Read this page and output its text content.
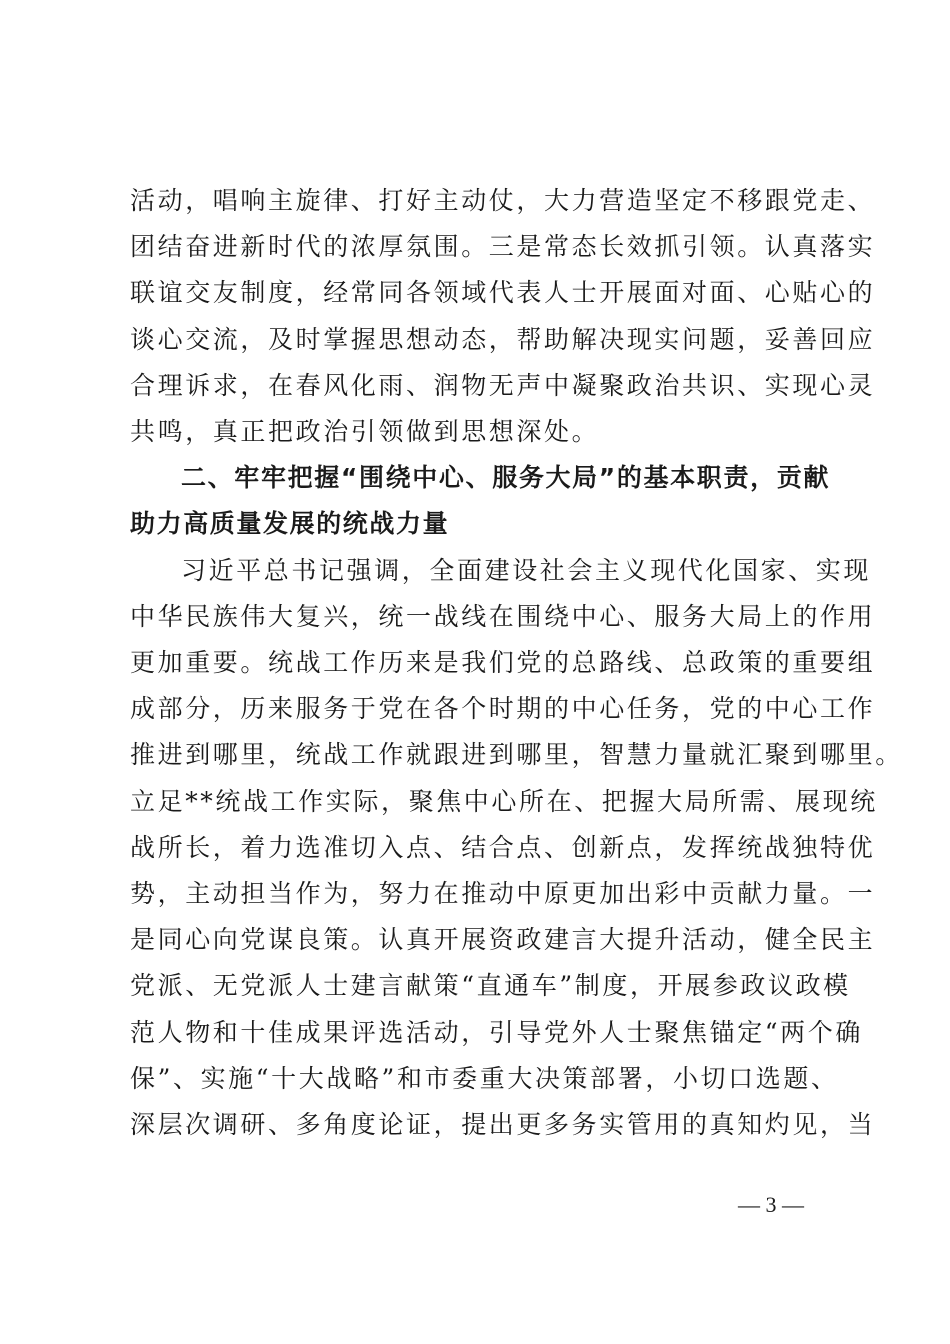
活动，唱响主旋律、打好主动仗，大力营造坚定不移跟党走、
团结奋进新时代的浓厚氛围。三是常态长效抓引领。认真落实
联谊交友制度，经常同各领域代表人士开展面对面、心贴心的
谈心交流，及时掌握思想动态，帮助解决现实问题，妥善回应
合理诉求，在春风化雨、润物无声中凝聚政治共识、实现心灵
共鸣，真正把政治引领做到思想深处。
二、牢牢把握“围绕中心、服务大局”的基本职责，贡献
助力高质量发展的统战力量
习近平总书记强调，全面建设社会主义现代化国家、实现
中华民族伟大复兴，统一战线在围绕中心、服务大局上的作用
更加重要。统战工作历来是我们党的总路线、总政策的重要组
成部分，历来服务于党在各个时期的中心任务，党的中心工作
推进到哪里，统战工作就跟进到哪里，智慧力量就汇聚到哪里。
立足**统战工作实际，聚焦中心所在、把握大局所需、展现统
战所长，着力选准切入点、结合点、创新点，发挥统战独特优
势，主动担当作为，努力在推动中原更加出彩中贡献力量。一
是同心向党谋良策。认真开展资政建言大提升活动，健全民主
党派、无党派人士建言献策“直通车”制度，开展参政议政模
范人物和十佳成果评选活动，引导党外人士聚焦锚定“两个确
保”、实施“十大战略”和市委重大决策部署，小切口选题、
深层次调研、多角度论证，提出更多务实管用的真知灼见，当
— 3 —
